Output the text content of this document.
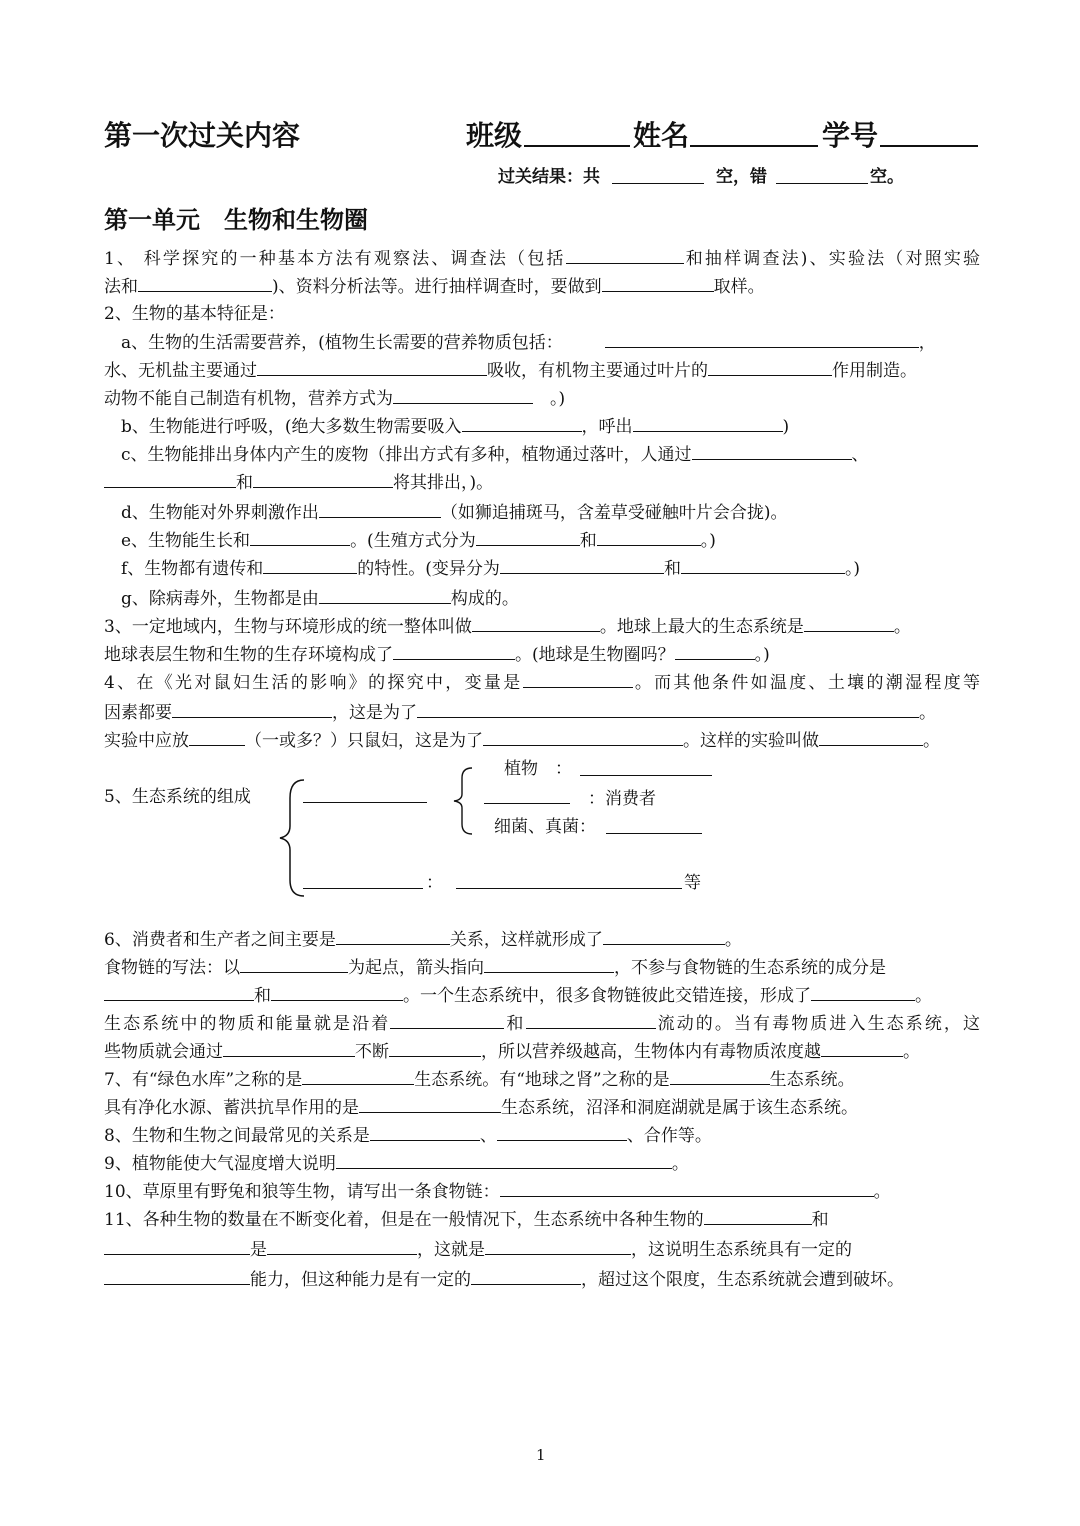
第一次过关内容	班级	姓名	学号
过关结果：共	空，错	空。
第一单元　生物和生物圈
1、 科学探究的一种基本方法有观察法、调查法（包括	和抽样调查法)、实验法（对照实验
法和	)、资料分析法等。进行抽样调查时，要做到	取样。
2、生物的基本特征是：
　a、生物的生活需要营养，(植物生长需要的营养物质包括：	，
水、无机盐主要通过	吸收，有机物主要通过叶片的	作用制造。
动物不能自己制造有机物，营养方式为	　。)
　b、生物能进行呼吸，(绝大多数生物需要吸入	，呼出	)
　c、生物能排出身体内产生的废物（排出方式有多种，植物通过落叶，人通过	、
和	将其排出，)。
　d、生物能对外界刺激作出	（如狮追捕斑马，含羞草受碰触叶片会合拢)。
　e、生物能生长和	。(生殖方式分为	和	。)
　f、生物都有遗传和	的特性。(变异分为	和	。)
　g、除病毒外，生物都是由	构成的。
3、一定地域内，生物与环境形成的统一整体叫做	。地球上最大的生态系统是	。
地球表层生物和生物的生存环境构成了	。(地球是生物圈吗？	。)
4、在《光对鼠妇生活的影响》的探究中，变量是	。而其他条件如温度、土壤的潮湿程度等
因素都要	，这是为了	。
实验中应放	（一或多？）只鼠妇，这是为了	。这样的实验叫做	。
5、生态系统的组成
植物　：
：消费者
细菌、真菌：
：	等
6、消费者和生产者之间主要是	关系，这样就形成了	。
食物链的写法：以	为起点，箭头指向	，不参与食物链的生态系统的成分是
和	。一个生态系统中，很多食物链彼此交错连接，形成了	。
生态系统中的物质和能量就是沿着	和	流动的。当有毒物质进入生态系统，这
些物质就会通过	不断	，所以营养级越高，生物体内有毒物质浓度越	。
7、有“绿色水库”之称的是	生态系统。有“地球之肾”之称的是	生态系统。
具有净化水源、蓄洪抗旱作用的是	生态系统，沼泽和洞庭湖就是属于该生态系统。
8、生物和生物之间最常见的关系是	、	、合作等。
9、植物能使大气湿度增大说明	。
10、草原里有野兔和狼等生物，请写出一条食物链：	。
11、各种生物的数量在不断变化着，但是在一般情况下，生态系统中各种生物的	和
是	，这就是	，这说明生态系统具有一定的
能力，但这种能力是有一定的	，超过这个限度，生态系统就会遭到破坏。
1
